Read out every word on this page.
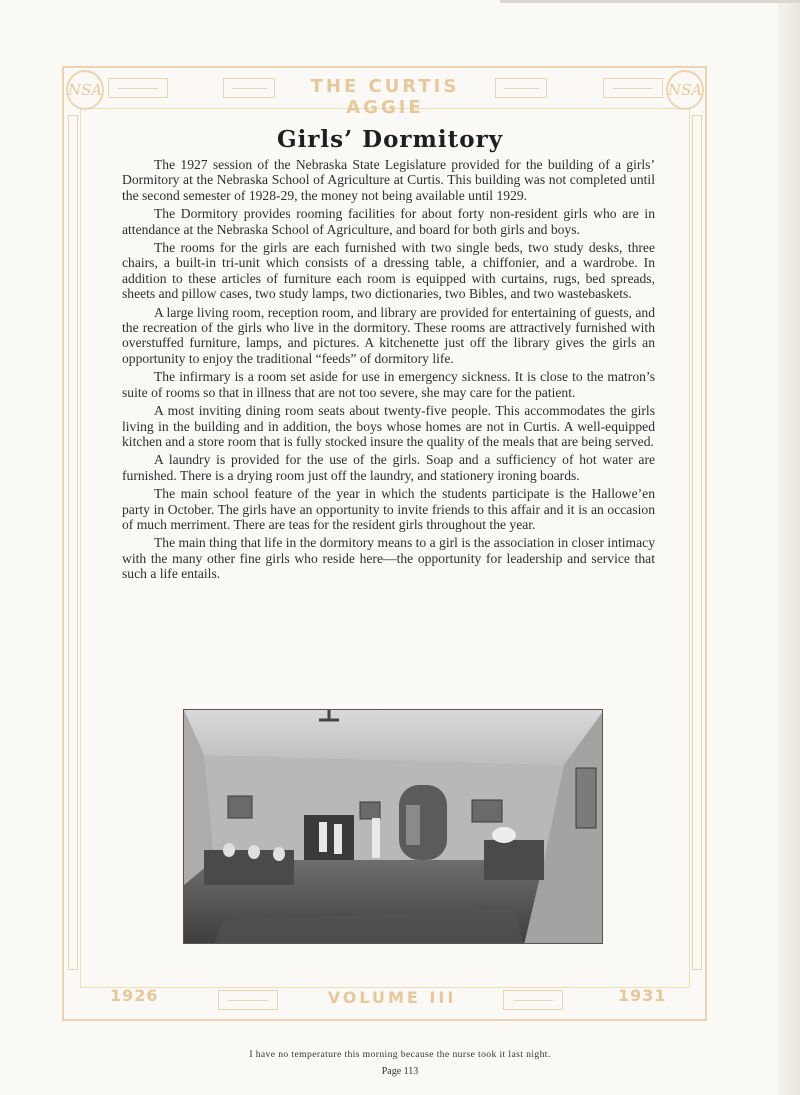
NSA	NSA
THE CURTIS AGGIE
1926	VOLUME III	1931
Girls’ Dormitory

The 1927 session of the Nebraska State Legislature provided for the building of a girls’ Dormitory at the Nebraska School of Agriculture at Curtis. This building was not completed until the second semester of 1928-29, the money not being available until 1929.

The Dormitory provides rooming facilities for about forty non-resident girls who are in attendance at the Nebraska School of Agriculture, and board for both girls and boys.

The rooms for the girls are each furnished with two single beds, two study desks, three chairs, a built-in tri-unit which consists of a dressing table, a chiffonier, and a wardrobe. In addition to these articles of furniture each room is equipped with curtains, rugs, bed spreads, sheets and pillow cases, two study lamps, two dictionaries, two Bibles, and two wastebaskets.

A large living room, reception room, and library are provided for entertaining of guests, and the recreation of the girls who live in the dormitory. These rooms are attractively furnished with overstuffed furniture, lamps, and pictures. A kitchenette just off the library gives the girls an opportunity to enjoy the traditional “feeds” of dormitory life.

The infirmary is a room set aside for use in emergency sickness. It is close to the matron’s suite of rooms so that in illness that are not too severe, she may care for the patient.

A most inviting dining room seats about twenty-five people. This accommodates the girls living in the building and in addition, the boys whose homes are not in Curtis. A well-equipped kitchen and a store room that is fully stocked insure the quality of the meals that are being served.

A laundry is provided for the use of the girls. Soap and a sufficiency of hot water are furnished. There is a drying room just off the laundry, and stationery ironing boards.

The main school feature of the year in which the students participate is the Hallowe’en party in October. The girls have an opportunity to invite friends to this affair and it is an occasion of much merriment. There are teas for the resident girls throughout the year.

The main thing that life in the dormitory means to a girl is the association in closer intimacy with the many other fine girls who reside here—the opportunity for leadership and service that such a life entails.

I have no temperature this morning because the nurse took it last night.
Page 113
